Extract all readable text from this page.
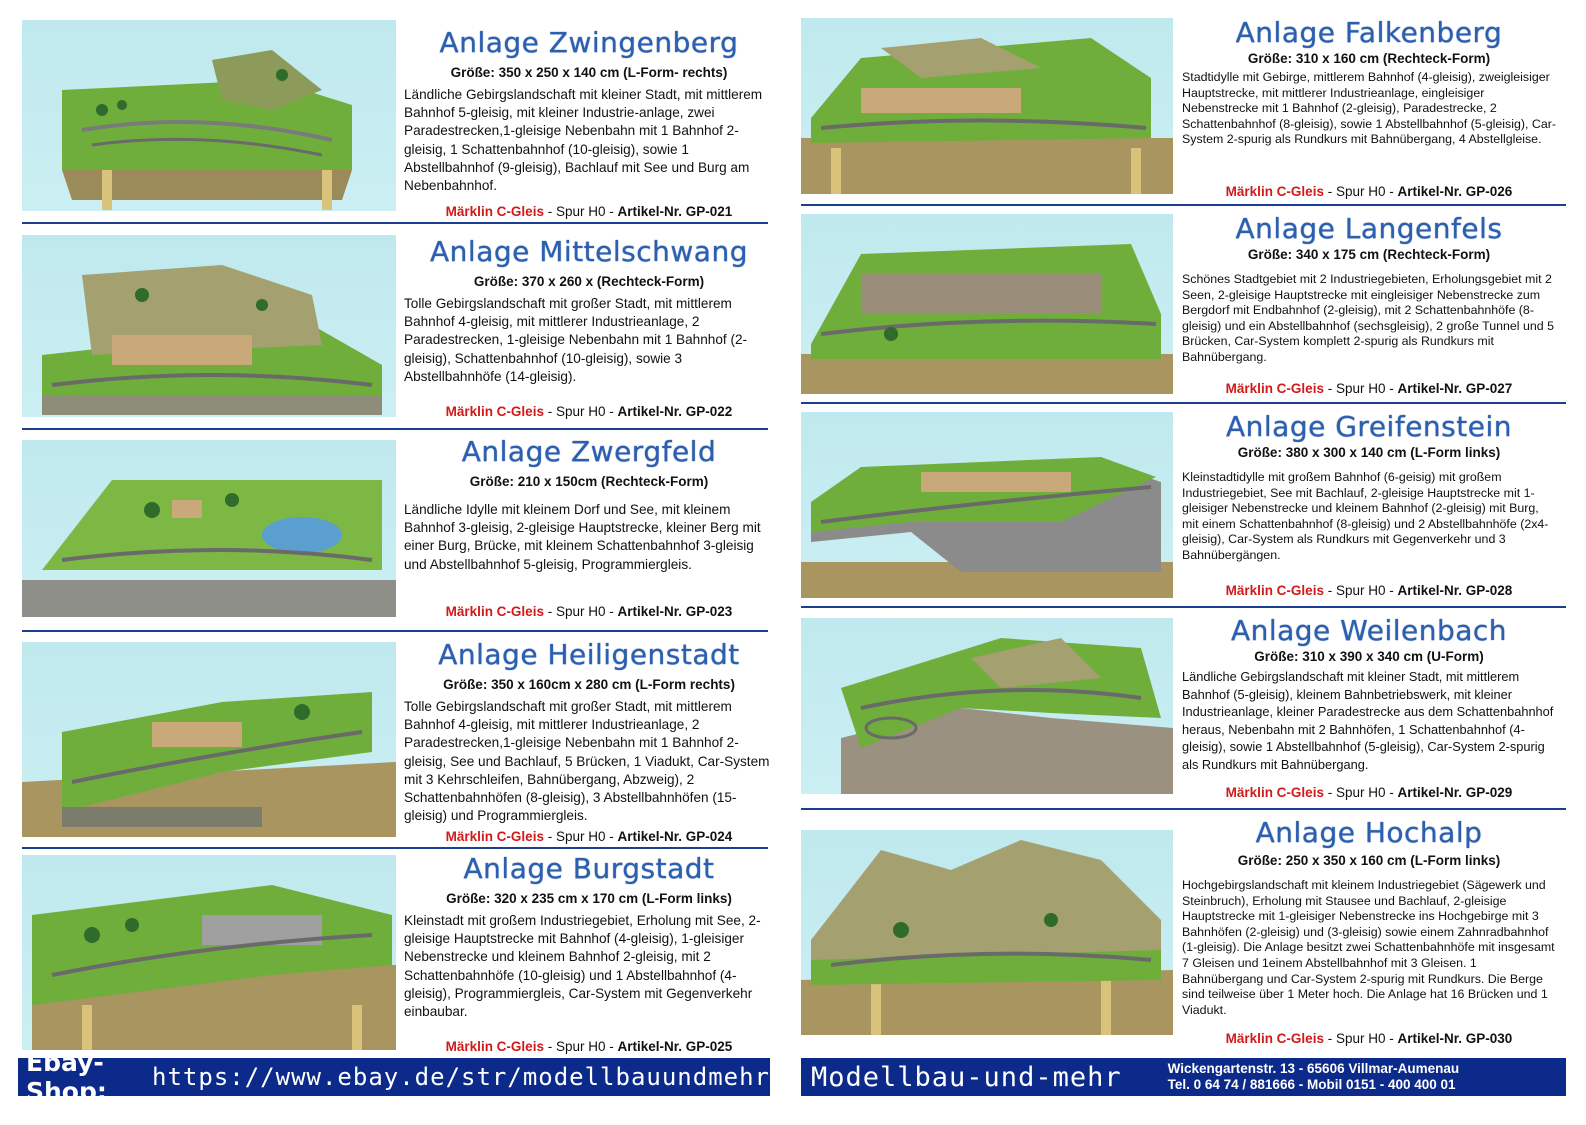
Anlage Zwingenberg
Größe: 350 x 250 x 140 cm (L-Form- rechts)
Ländliche Gebirgslandschaft mit kleiner Stadt, mit mittlerem Bahnhof 5-gleisig, mit kleiner Industrie-anlage, zwei Paradestrecken,1-gleisige Nebenbahn mit 1 Bahnhof 2-gleisig, 1 Schattenbahnhof (10-gleisig), sowie 1 Abstellbahnhof (9-gleisig), Bachlauf mit See und Burg am Nebenbahnhof.
Märklin C-Gleis - Spur H0 - Artikel-Nr. GP-021
Anlage Mittelschwang
Größe: 370 x 260 x (Rechteck-Form)
Tolle Gebirgslandschaft mit großer Stadt, mit mittlerem Bahnhof 4-gleisig, mit mittlerer Industrieanlage, 2 Paradestrecken, 1-gleisige Nebenbahn mit 1 Bahnhof (2-gleisig), Schattenbahnhof (10-gleisig), sowie 3 Abstellbahnhöfe (14-gleisig).
Märklin C-Gleis - Spur H0 - Artikel-Nr. GP-022
Anlage Zwergfeld
Größe: 210 x 150cm (Rechteck-Form)
Ländliche Idylle mit kleinem Dorf und See, mit kleinem Bahnhof 3-gleisig, 2-gleisige Hauptstrecke, kleiner Berg mit einer Burg, Brücke, mit kleinem Schattenbahnhof 3-gleisig und Abstellbahnhof 5-gleisig, Programmiergleis.
Märklin C-Gleis - Spur H0 - Artikel-Nr. GP-023
Anlage Heiligenstadt
Größe: 350 x 160cm x 280 cm (L-Form rechts)
Tolle Gebirgslandschaft mit großer Stadt, mit mittlerem Bahnhof 4-gleisig, mit mittlerer Industrieanlage, 2 Paradestrecken,1-gleisige Nebenbahn mit 1 Bahnhof 2-gleisig, See und Bachlauf, 5 Brücken, 1 Viadukt, Car-System mit 3 Kehrschleifen, Bahnübergang, Abzweig), 2 Schattenbahnhöfen (8-gleisig), 3 Abstellbahnhöfen (15-gleisig) und Programmiergleis.
Märklin C-Gleis - Spur H0 - Artikel-Nr. GP-024
Anlage Burgstadt
Größe: 320 x 235 cm x 170 cm (L-Form links)
Kleinstadt mit großem Industriegebiet, Erholung mit See, 2-gleisige Hauptstrecke mit Bahnhof (4-gleisig), 1-gleisiger Nebenstrecke und kleinem Bahnhof 2-gleisig, mit 2 Schattenbahnhöfe (10-gleisig) und 1 Abstellbahnhof (4-gleisig), Programmiergleis, Car-System mit Gegenverkehr einbaubar.
Märklin C-Gleis - Spur H0 - Artikel-Nr. GP-025
Anlage Falkenberg
Größe: 310 x 160 cm (Rechteck-Form)
Stadtidylle mit Gebirge, mittlerem Bahnhof (4-gleisig), zweigleisiger Hauptstrecke, mit mittlerer Industrieanlage, eingleisiger Nebenstrecke mit 1 Bahnhof (2-gleisig), Paradestrecke, 2 Schattenbahnhof (8-gleisig), sowie 1 Abstellbahnhof (5-gleisig), Car-System 2-spurig als Rundkurs mit Bahnübergang, 4 Abstellgleise.
Märklin C-Gleis - Spur H0 - Artikel-Nr. GP-026
Anlage Langenfels
Größe: 340 x 175 cm (Rechteck-Form)
Schönes Stadtgebiet mit 2 Industriegebieten, Erholungsgebiet mit 2 Seen, 2-gleisige Hauptstrecke mit eingleisiger Nebenstrecke zum Bergdorf mit Endbahnhof (2-gleisig), mit 2 Schattenbahnhöfe (8-gleisig) und ein Abstellbahnhof (sechsgleisig), 2 große Tunnel und 5 Brücken, Car-System komplett 2-spurig als Rundkurs mit Bahnübergang.
Märklin C-Gleis - Spur H0 - Artikel-Nr. GP-027
Anlage Greifenstein
Größe: 380 x 300 x 140 cm (L-Form links)
Kleinstadtidylle mit großem Bahnhof (6-geisig) mit großem Industriegebiet, See mit Bachlauf, 2-gleisige Hauptstrecke mit 1-gleisiger Nebenstrecke und kleinem Bahnhof (2-gleisig) mit Burg, mit einem Schattenbahnhof (8-gleisig) und 2 Abstellbahnhöfe (2x4-gleisig), Car-System als Rundkurs mit Gegenverkehr und 3 Bahnübergängen.
Märklin C-Gleis - Spur H0 - Artikel-Nr. GP-028
Anlage Weilenbach
Größe: 310 x 390 x 340 cm (U-Form)
Ländliche Gebirgslandschaft mit kleiner Stadt, mit mittlerem Bahnhof (5-gleisig), kleinem Bahnbetriebswerk, mit kleiner Industrieanlage, kleiner Paradestrecke aus dem Schattenbahnhof heraus, Nebenbahn mit 2 Bahnhöfen, 1 Schattenbahnhof (4- gleisig), sowie 1 Abstellbahnhof (5-gleisig), Car-System 2-spurig als Rundkurs mit Bahnübergang.
Märklin C-Gleis - Spur H0 - Artikel-Nr. GP-029
Anlage Hochalp
Größe: 250 x 350 x 160 cm (L-Form links)
Hochgebirgslandschaft mit kleinem Industriegebiet (Sägewerk und Steinbruch), Erholung mit Stausee und Bachlauf, 2-gleisige Hauptstrecke mit 1-gleisiger Nebenstrecke ins Hochgebirge mit 3 Bahnhöfen (2-gleisig) und (3-gleisig) sowie einem Zahnradbahnhof (1-gleisig). Die Anlage besitzt zwei Schattenbahnhöfe mit insgesamt 7 Gleisen und 1einem Abstellbahnhof mit 3 Gleisen. 1 Bahnübergang und Car-System 2-spurig mit Rundkurs. Die Berge sind teilweise über 1 Meter hoch. Die Anlage hat 16 Brücken und 1 Viadukt.
Märklin C-Gleis - Spur H0 - Artikel-Nr. GP-030
Ebay-Shop:	https://www.ebay.de/str/modellbauundmehr	Modellbau-und-mehr	Wickengartenstr. 13 - 65606 Villmar-Aumenau
Tel. 0 64 74 / 881666 - Mobil 0151 - 400 400 01
